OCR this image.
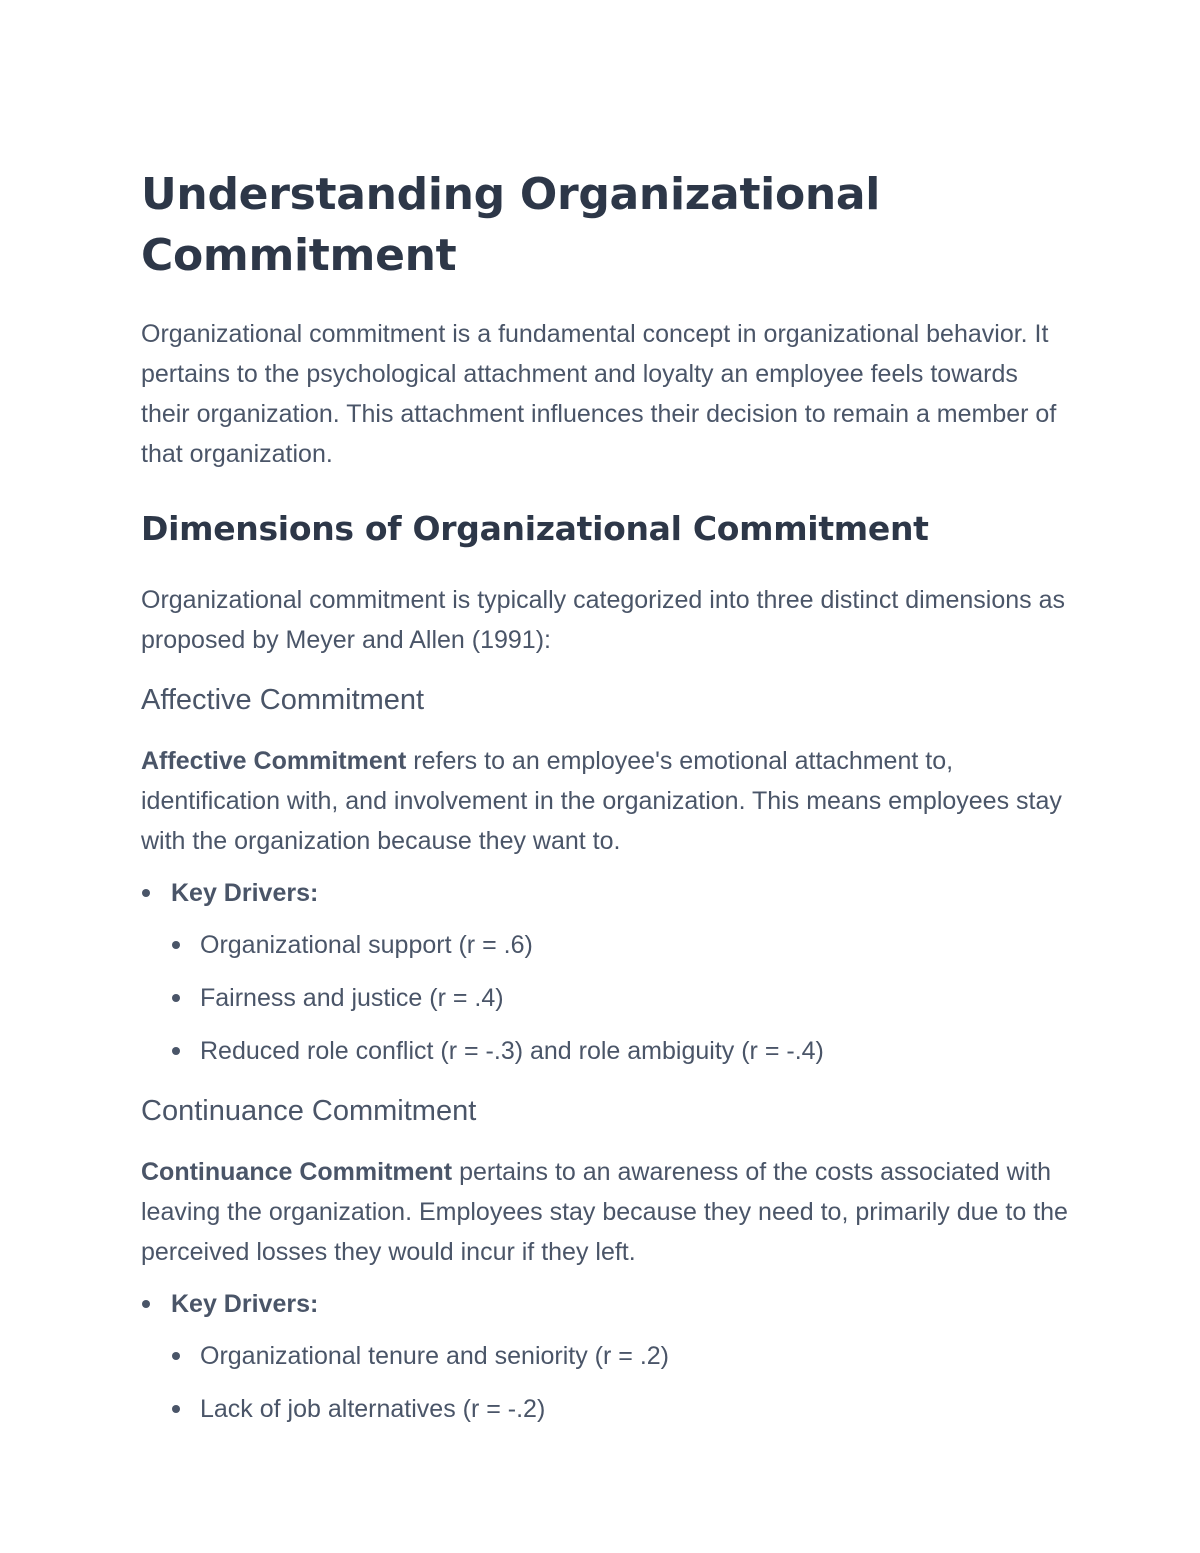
Understanding Organizational Commitment

Organizational commitment is a fundamental concept in organizational behavior. It pertains to the psychological attachment and loyalty an employee feels towards their organization. This attachment influences their decision to remain a member of that organization.

Dimensions of Organizational Commitment

Organizational commitment is typically categorized into three distinct dimensions as proposed by Meyer and Allen (1991):

Affective Commitment

Affective Commitment refers to an employee's emotional attachment to, identification with, and involvement in the organization. This means employees stay with the organization because they want to.

Key Drivers:
Organizational support (r = .6)
Fairness and justice (r = .4)
Reduced role conflict (r = -.3) and role ambiguity (r = -.4)
Continuance Commitment

Continuance Commitment pertains to an awareness of the costs associated with leaving the organization. Employees stay because they need to, primarily due to the perceived losses they would incur if they left.

Key Drivers:
Organizational tenure and seniority (r = .2)
Lack of job alternatives (r = -.2)
